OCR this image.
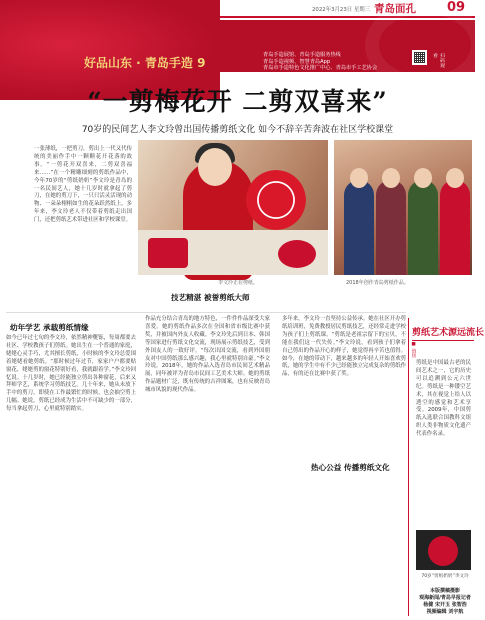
2022年3月23日 星期三 青岛面孔 09
好品山东 · 青岛手造 9
青岛手造展馆、青岛手造服务热线
青岛手造视频、智慧青岛App
青岛市手造特色文化推广中心、青岛市手工艺协会
扫码观看
“一剪梅花开 二剪双喜来”
70岁的民间艺人李文玲曾出国传播剪纸文化 如今不辞辛苦奔波在社区学校课堂
一张薄纸，一把剪刀，剪出上一代又代传统的美丽作手中一颗颗花开花落的故事。“一剪花开双喜来，二剪双喜福来……”在一个精雕细刻的剪纸作品中，今年70岁的“剪纸奶奶”李文玲是青岛的一名民间艺人，她十几岁时就拿起了剪刀，在她的剪刀下，一只只活灵活现的动物、一朵朵栩栩如生的花朵跃然纸上，多年来，李文玲老人不仅带着剪纸走出国门，还把剪纸艺术带进社区和学校课堂。
李文玲正在剪纸。	2018年创作青岛剪纸作品。
幼年学艺 承载剪纸情缘
如今已年过七旬的李文玲，依然精神矍铄，每周都要去社区、学校教孩子们剪纸。她出生在一个普通的家庭，姥姥心灵手巧，尤其擅长剪纸，小时候的李文玲总爱围着姥姥看她剪纸。“那时候过年过节，家家户户都要贴窗花，姥姥剪的窗花特别好看，我就跟着学。”李文玲回忆说。十几岁时，她已经能独立剪出各种窗花，后来又拜师学艺，系统学习剪纸技艺。几十年来，她从未放下手中的剪刀，即使在工作最繁忙的时候，也会抽空剪上几幅。她说，剪纸已经成为生活中不可缺少的一部分，每当拿起剪刀，心里就特别踏实。
技艺精湛 被誉剪纸大师
作品充分结合青岛的地方特色，一件件作品深受大家喜爱。她的剪纸作品多次在全国和省市级比赛中获奖，并被国内外友人收藏。李文玲先后到日本、韩国等国家进行剪纸文化交流，现场展示剪纸技艺，受到外国友人的一致好评。“每次出国交流，看到外国朋友对中国剪纸那么感兴趣，我心里就特别自豪。”李文玲说。2018年，她的作品入选青岛市民间艺术精品展，同年被评为青岛市民间工艺美术大师。她的剪纸作品题材广泛，既有传统的吉祥图案，也有反映青岛城市风貌的现代作品。
热心公益 传播剪纸文化
多年来，李文玲一直坚持公益传承。她在社区开办剪纸培训班，免费教授居民剪纸技艺，还经常走进学校为孩子们上剪纸课。“剪纸是老祖宗留下的宝贝，不能在我们这一代失传。”李文玲说，看到孩子们拿着自己剪出的作品开心的样子，她觉得再辛苦也值得。如今，在她的带动下，越来越多的年轻人开始喜欢剪纸，她的学生中有不少已经能独立完成复杂的剪纸作品，有的还在比赛中获了奖。
剪纸艺术源远流长
■ 链接
剪纸是中国最古老的民间艺术之一，它的历史可以追溯到公元六世纪。剪纸是一种镂空艺术，其在视觉上给人以透空的感觉和艺术享受。2009年，中国剪纸入选联合国教科文组织人类非物质文化遗产代表作名录。
70岁“剪纸奶奶”李文玲
本版撰稿摄影
观海新闻/青岛早报记者
杨健 宋开玉 张智浩
视频编辑 刘宇航
